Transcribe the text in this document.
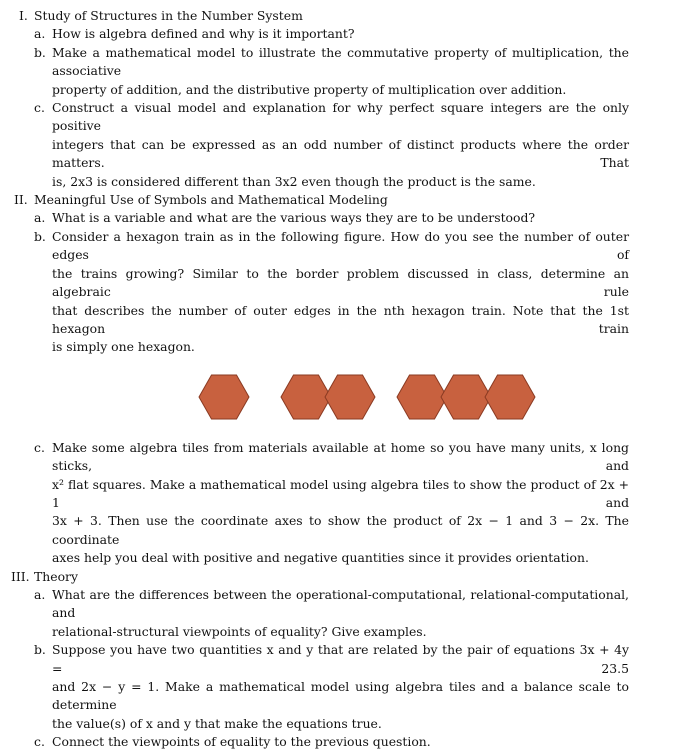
I. Study of Structures in the Number System
a. How is algebra defined and why is it important?
b. Make a mathematical model to illustrate the commutative property of multiplication, the associative
property of addition, and the distributive property of multiplication over addition.
c. Construct a visual model and explanation for why perfect square integers are the only positive
integers that can be expressed as an odd number of distinct products where the order matters. That
is, 2x3 is considered different than 3x2 even though the product is the same.
II. Meaningful Use of Symbols and Mathematical Modeling
a. What is a variable and what are the various ways they are to be understood?
b. Consider a hexagon train as in the following figure. How do you see the number of outer edges of
the trains growing? Similar to the border problem discussed in class, determine an algebraic rule
that describes the number of outer edges in the nth hexagon train. Note that the 1st hexagon train
is simply one hexagon.
c. Make some algebra tiles from materials available at home so you have many units, x long sticks, and
x² flat squares. Make a mathematical model using algebra tiles to show the product of 2x + 1 and
3x + 3. Then use the coordinate axes to show the product of 2x − 1 and 3 − 2x. The coordinate
axes help you deal with positive and negative quantities since it provides orientation.
III. Theory
a. What are the differences between the operational-computational, relational-computational, and
relational-structural viewpoints of equality? Give examples.
b. Suppose you have two quantities x and y that are related by the pair of equations 3x + 4y = 23.5
and 2x − y = 1. Make a mathematical model using algebra tiles and a balance scale to determine
the value(s) of x and y that make the equations true.
c. Connect the viewpoints of equality to the previous question.
